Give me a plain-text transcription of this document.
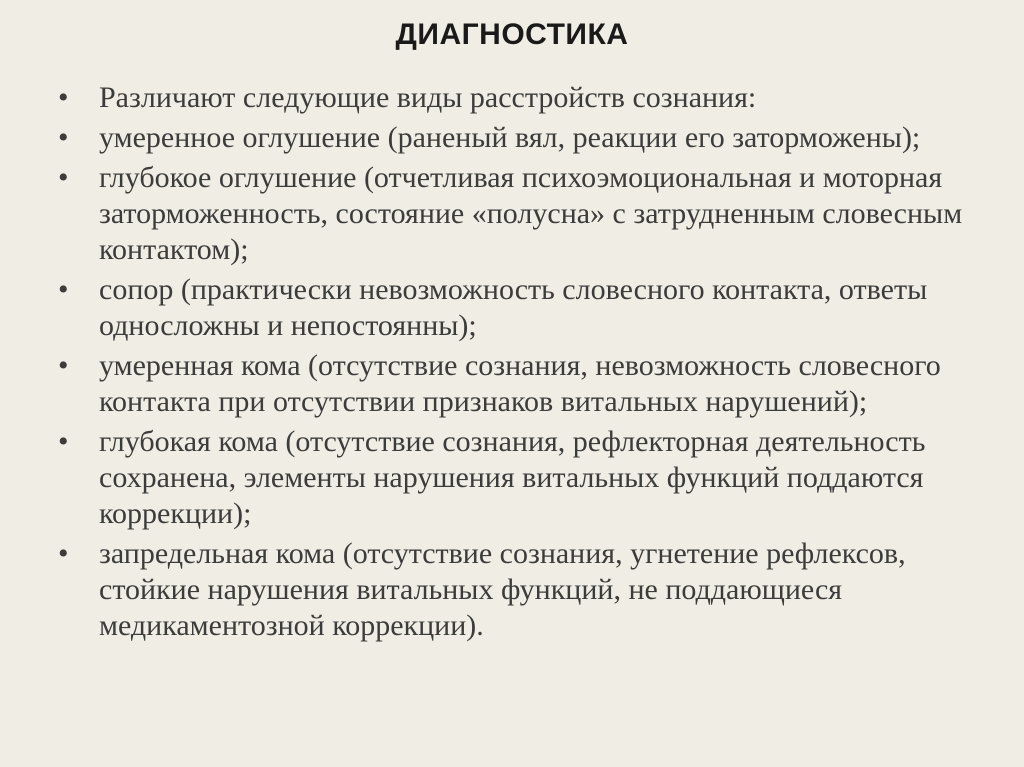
ДИАГНОСТИКА
•	Различают следующие виды расстройств сознания:
•	умеренное оглушение (раненый вял, реакции его заторможены);
•	глубокое оглушение (отчетливая психоэмоциональная и моторная заторможенность, состояние «полусна» с затрудненным словесным контактом);
•	сопор (практически невозможность словесного контакта, ответы односложны и непостоянны);
•	умеренная кома (отсутствие сознания, невозможность словесного контакта при отсутствии признаков витальных нарушений);
•	глубокая кома (отсутствие сознания, рефлекторная деятельность сохранена, элементы нарушения витальных функций поддаются коррекции);
•	запредельная кома (отсутствие сознания, угнетение рефлексов, стойкие нарушения витальных функций, не поддающиеся медикаментозной коррекции).
